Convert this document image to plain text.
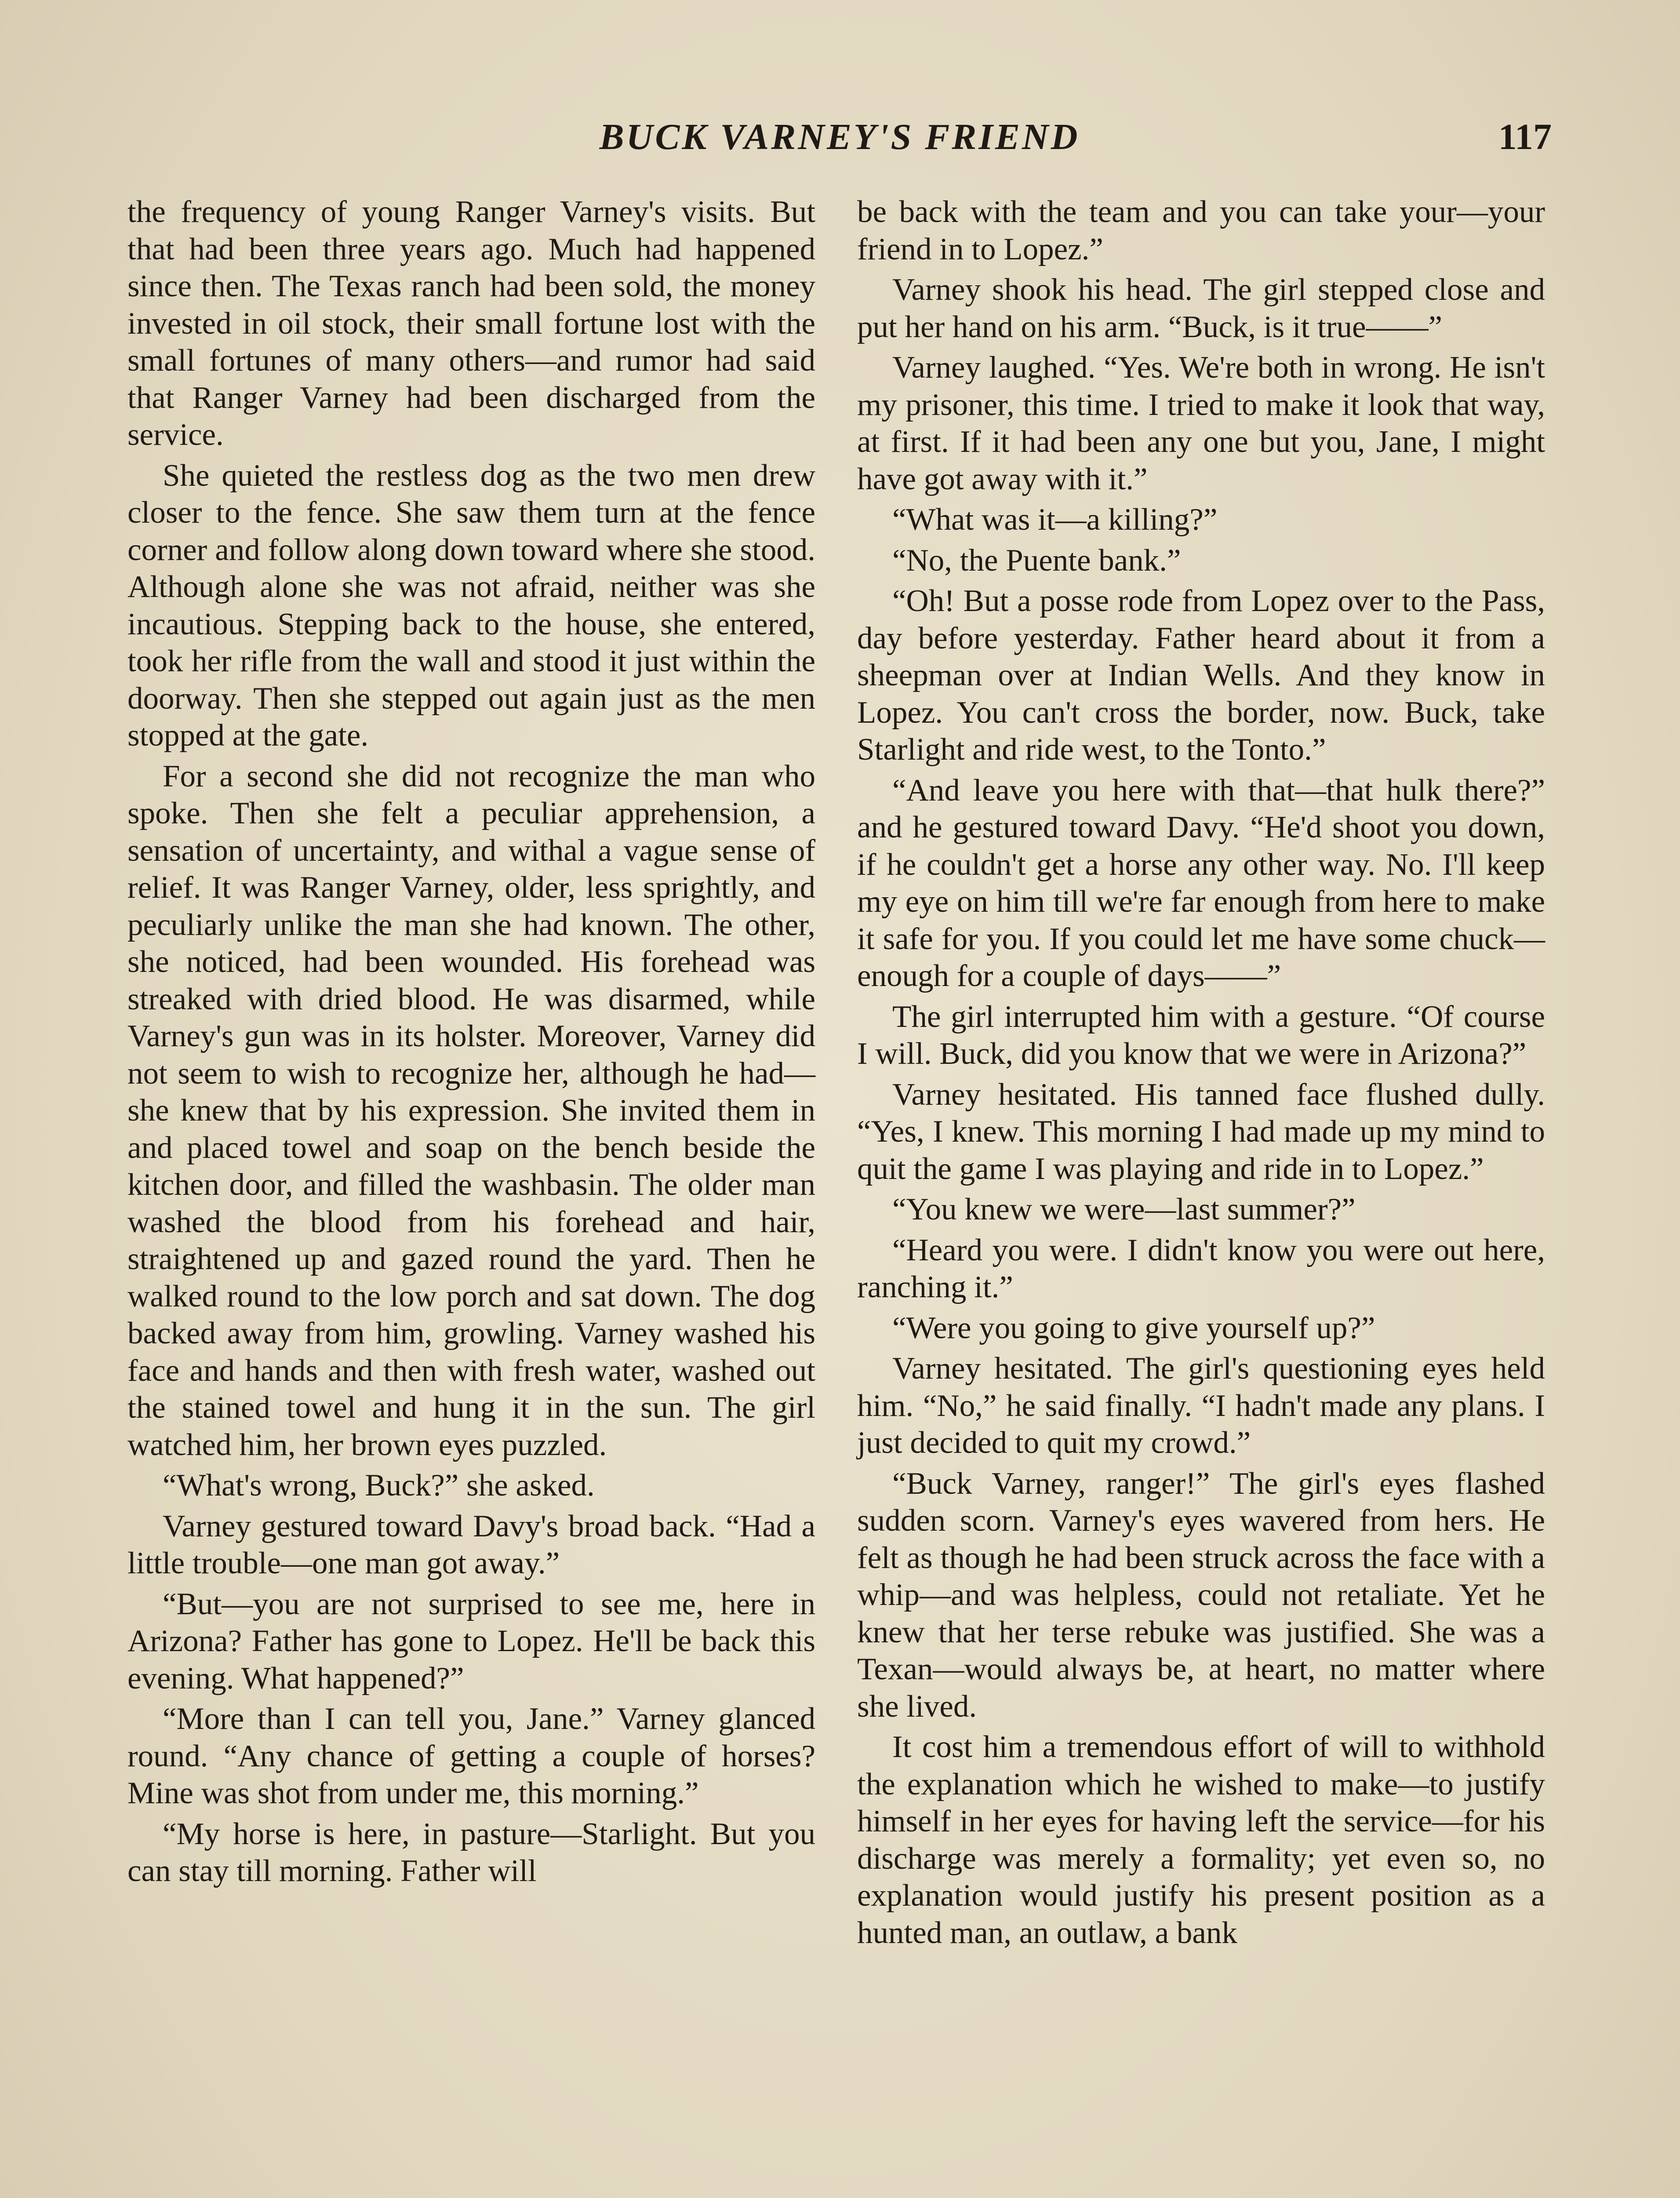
BUCK VARNEY'S FRIEND	117

the frequency of young Ranger Varney's visits. But that had been three years ago. Much had happened since then. The Texas ranch had been sold, the money invested in oil stock, their small fortune lost with the small fortunes of many others—and rumor had said that Ranger Varney had been discharged from the service.

She quieted the restless dog as the two men drew closer to the fence. She saw them turn at the fence corner and follow along down toward where she stood. Although alone she was not afraid, neither was she incautious. Stepping back to the house, she entered, took her rifle from the wall and stood it just within the doorway. Then she stepped out again just as the men stopped at the gate.

For a second she did not recognize the man who spoke. Then she felt a peculiar apprehension, a sensation of uncertainty, and withal a vague sense of relief. It was Ranger Varney, older, less sprightly, and peculiarly unlike the man she had known. The other, she noticed, had been wounded. His forehead was streaked with dried blood. He was disarmed, while Varney's gun was in its holster. Moreover, Varney did not seem to wish to recognize her, although he had—she knew that by his expression. She invited them in and placed towel and soap on the bench beside the kitchen door, and filled the washbasin. The older man washed the blood from his forehead and hair, straightened up and gazed round the yard. Then he walked round to the low porch and sat down. The dog backed away from him, growling. Varney washed his face and hands and then with fresh water, washed out the stained towel and hung it in the sun. The girl watched him, her brown eyes puzzled.

“What's wrong, Buck?” she asked.

Varney gestured toward Davy's broad back. “Had a little trouble—one man got away.”

“But—you are not surprised to see me, here in Arizona? Father has gone to Lopez. He'll be back this evening. What happened?”

“More than I can tell you, Jane.” Varney glanced round. “Any chance of getting a couple of horses? Mine was shot from under me, this morning.”

“My horse is here, in pasture—Starlight. But you can stay till morning. Father will

be back with the team and you can take your—your friend in to Lopez.”

Varney shook his head. The girl stepped close and put her hand on his arm. “Buck, is it true——”

Varney laughed. “Yes. We're both in wrong. He isn't my prisoner, this time. I tried to make it look that way, at first. If it had been any one but you, Jane, I might have got away with it.”

“What was it—a killing?”

“No, the Puente bank.”

“Oh! But a posse rode from Lopez over to the Pass, day before yesterday. Father heard about it from a sheepman over at Indian Wells. And they know in Lopez. You can't cross the border, now. Buck, take Starlight and ride west, to the Tonto.”

“And leave you here with that—that hulk there?” and he gestured toward Davy. “He'd shoot you down, if he couldn't get a horse any other way. No. I'll keep my eye on him till we're far enough from here to make it safe for you. If you could let me have some chuck—enough for a couple of days——”

The girl interrupted him with a gesture. “Of course I will. Buck, did you know that we were in Arizona?”

Varney hesitated. His tanned face flushed dully. “Yes, I knew. This morning I had made up my mind to quit the game I was playing and ride in to Lopez.”

“You knew we were—last summer?”

“Heard you were. I didn't know you were out here, ranching it.”

“Were you going to give yourself up?”

Varney hesitated. The girl's questioning eyes held him. “No,” he said finally. “I hadn't made any plans. I just decided to quit my crowd.”

“Buck Varney, ranger!” The girl's eyes flashed sudden scorn. Varney's eyes wavered from hers. He felt as though he had been struck across the face with a whip—and was helpless, could not retaliate. Yet he knew that her terse rebuke was justified. She was a Texan—would always be, at heart, no matter where she lived.

It cost him a tremendous effort of will to withhold the explanation which he wished to make—to justify himself in her eyes for having left the service—for his discharge was merely a formality; yet even so, no explanation would justify his present position as a hunted man, an outlaw, a bank
